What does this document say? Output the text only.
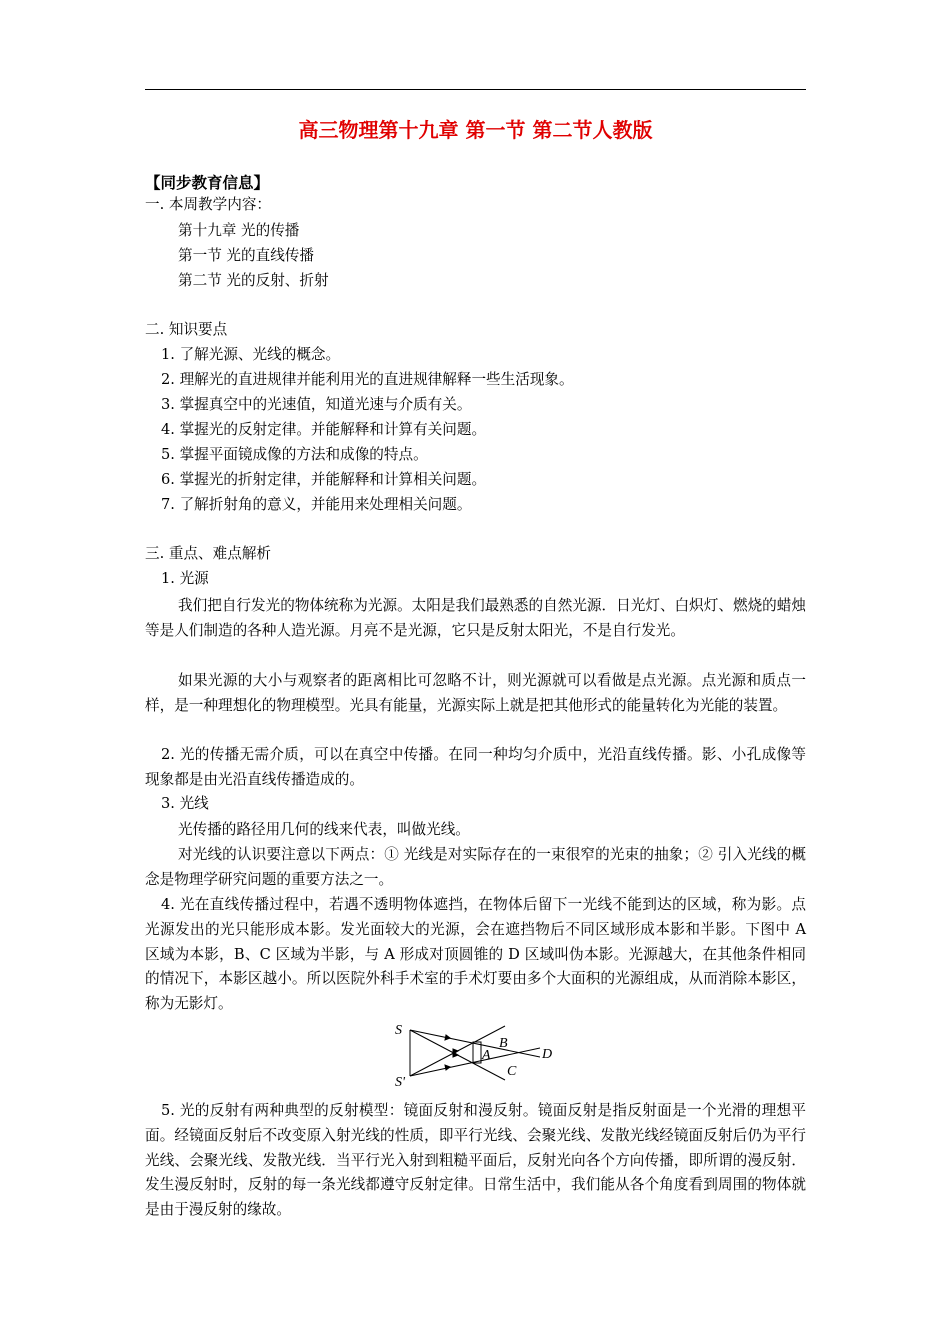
高三物理第十九章 第一节 第二节人教版
【同步教育信息】
一. 本周教学内容：
第十九章 光的传播
第一节 光的直线传播
第二节 光的反射、折射
二. 知识要点
1. 了解光源、光线的概念。
2. 理解光的直进规律并能利用光的直进规律解释一些生活现象。
3. 掌握真空中的光速值，知道光速与介质有关。
4. 掌握光的反射定律。并能解释和计算有关问题。
5. 掌握平面镜成像的方法和成像的特点。
6. 掌握光的折射定律，并能解释和计算相关问题。
7. 了解折射角的意义，并能用来处理相关问题。
三. 重点、难点解析
1. 光源
我们把自行发光的物体统称为光源。太阳是我们最熟悉的自然光源．日光灯、白炽灯、燃烧的蜡烛等是人们制造的各种人造光源。月亮不是光源，它只是反射太阳光，不是自行发光。
如果光源的大小与观察者的距离相比可忽略不计，则光源就可以看做是点光源。点光源和质点一样，是一种理想化的物理模型。光具有能量，光源实际上就是把其他形式的能量转化为光能的装置。
2. 光的传播无需介质，可以在真空中传播。在同一种均匀介质中，光沿直线传播。影、小孔成像等现象都是由光沿直线传播造成的。
3. 光线
光传播的路径用几何的线来代表，叫做光线。
对光线的认识要注意以下两点：① 光线是对实际存在的一束很窄的光束的抽象；② 引入光线的概念是物理学研究问题的重要方法之一。
4. 光在直线传播过程中，若遇不透明物体遮挡，在物体后留下一光线不能到达的区域，称为影。点光源发出的光只能形成本影。发光面较大的光源，会在遮挡物后不同区域形成本影和半影。下图中 A 区域为本影，B、C 区域为半影，与 A 形成对顶圆锥的 D 区域叫伪本影。光源越大，在其他条件相同的情况下，本影区越小。所以医院外科手术室的手术灯要由多个大面积的光源组成，从而消除本影区，称为无影灯。
S
S'
A
B
C
D
5. 光的反射有两种典型的反射模型：镜面反射和漫反射。镜面反射是指反射面是一个光滑的理想平面。经镜面反射后不改变原入射光线的性质，即平行光线、会聚光线、发散光线经镜面反射后仍为平行光线、会聚光线、发散光线．当平行光入射到粗糙平面后，反射光向各个方向传播，即所谓的漫反射．发生漫反射时，反射的每一条光线都遵守反射定律。日常生活中，我们能从各个角度看到周围的物体就是由于漫反射的缘故。
